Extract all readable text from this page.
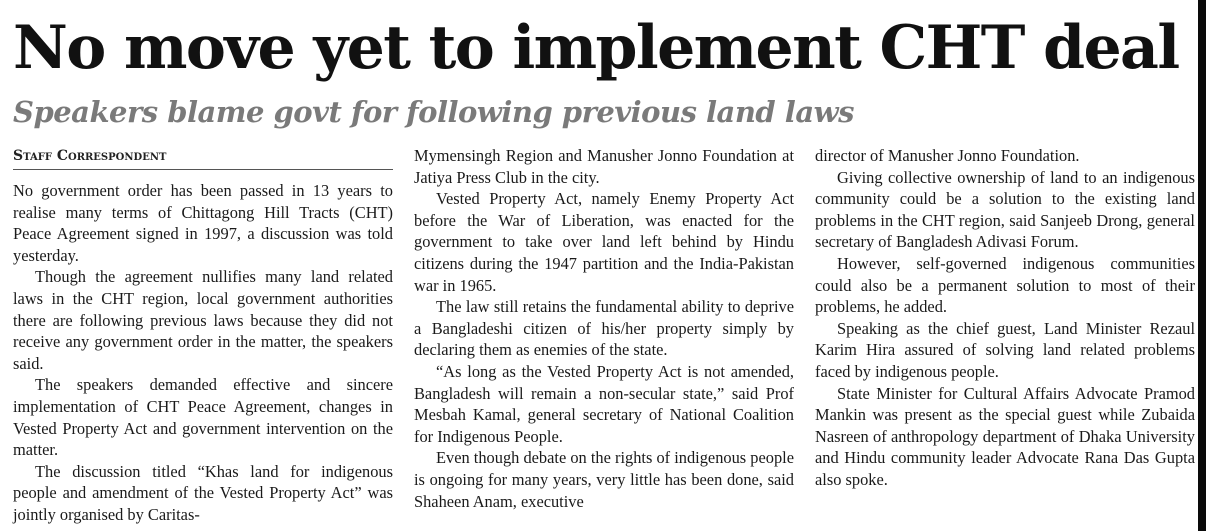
No move yet to implement CHT deal
Speakers blame govt for following previous land laws
Staff Correspondent

No government order has been passed in 13 years to realise many terms of Chittagong Hill Tracts (CHT) Peace Agreement signed in 1997, a discussion was told yesterday.

Though the agreement nullifies many land related laws in the CHT region, local government authorities there are following previous laws because they did not receive any government order in the matter, the speakers said.

The speakers demanded effective and sincere implementation of CHT Peace Agreement, changes in Vested Property Act and government intervention on the matter.

The discussion titled “Khas land for indigenous people and amendment of the Vested Property Act” was jointly organised by Caritas-

Mymensingh Region and Manusher Jonno Foundation at Jatiya Press Club in the city.

Vested Property Act, namely Enemy Property Act before the War of Liberation, was enacted for the government to take over land left behind by Hindu citizens during the 1947 partition and the India-Pakistan war in 1965.

The law still retains the fundamental ability to deprive a Bangladeshi citizen of his/her property simply by declaring them as enemies of the state.

“As long as the Vested Property Act is not amended, Bangladesh will remain a non-secular state,” said Prof Mesbah Kamal, general secretary of National Coalition for Indigenous People.

Even though debate on the rights of indigenous people is ongoing for many years, very little has been done, said Shaheen Anam, executive

director of Manusher Jonno Foundation.

Giving collective ownership of land to an indigenous community could be a solution to the existing land problems in the CHT region, said Sanjeeb Drong, general secretary of Bangladesh Adivasi Forum.

However, self-governed indigenous communities could also be a permanent solution to most of their problems, he added.

Speaking as the chief guest, Land Minister Rezaul Karim Hira assured of solving land related problems faced by indigenous people.

State Minister for Cultural Affairs Advocate Pramod Mankin was present as the special guest while Zubaida Nasreen of anthropology department of Dhaka University and Hindu community leader Advocate Rana Das Gupta also spoke.
